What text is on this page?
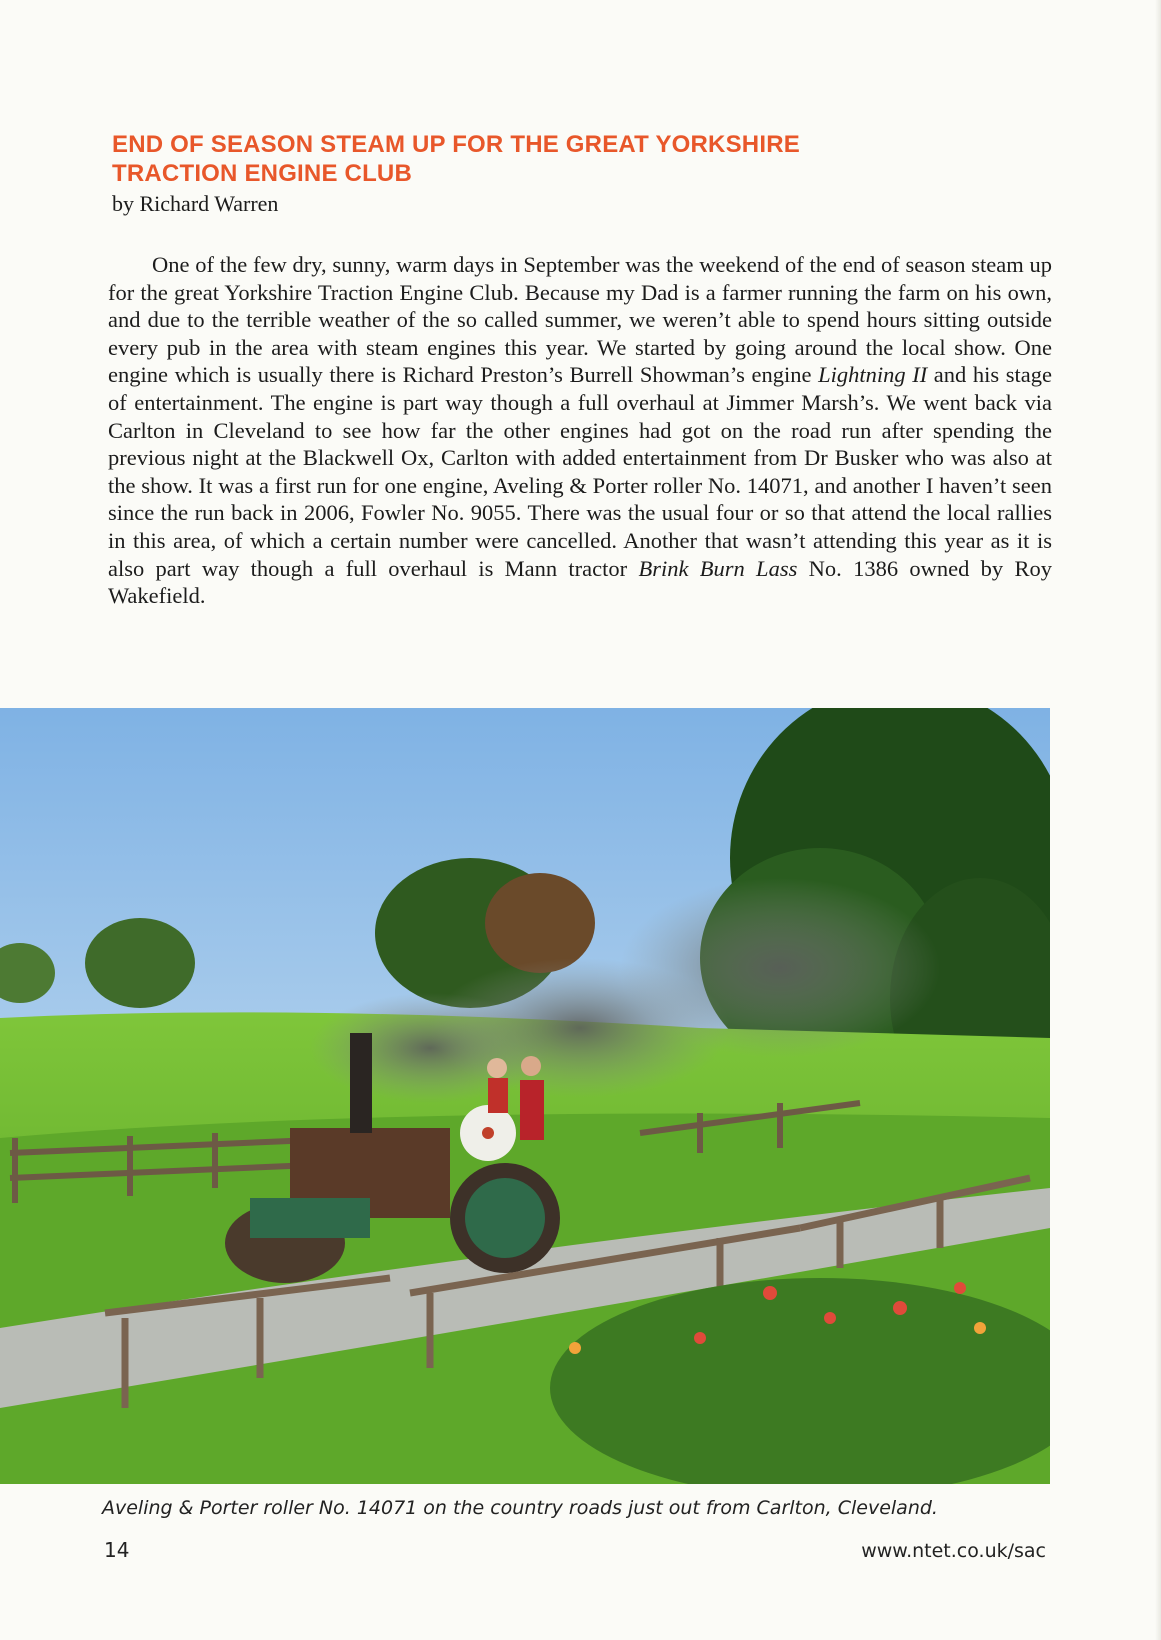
END OF SEASON STEAM UP FOR THE GREAT YORKSHIRE TRACTION ENGINE CLUB
by Richard Warren

One of the few dry, sunny, warm days in September was the weekend of the end of season steam up for the great Yorkshire Traction Engine Club. Because my Dad is a farmer running the farm on his own, and due to the terrible weather of the so called summer, we weren’t able to spend hours sitting outside every pub in the area with steam engines this year. We started by going around the local show. One engine which is usually there is Richard Preston’s Burrell Showman’s engine Lightning II and his stage of entertainment. The engine is part way though a full overhaul at Jimmer Marsh’s. We went back via Carlton in Cleveland to see how far the other engines had got on the road run after spending the previous night at the Blackwell Ox, Carlton with added entertainment from Dr Busker who was also at the show. It was a first run for one engine, Aveling & Porter roller No. 14071, and another I haven’t seen since the run back in 2006, Fowler No. 9055. There was the usual four or so that attend the local rallies in this area, of which a certain number were cancelled. Another that wasn’t attending this year as it is also part way though a full overhaul is Mann tractor Brink Burn Lass No. 1386 owned by Roy Wakefield.

Aveling & Porter roller No. 14071 on the country roads just out from Carlton, Cleveland.
14	www.ntet.co.uk/sac
